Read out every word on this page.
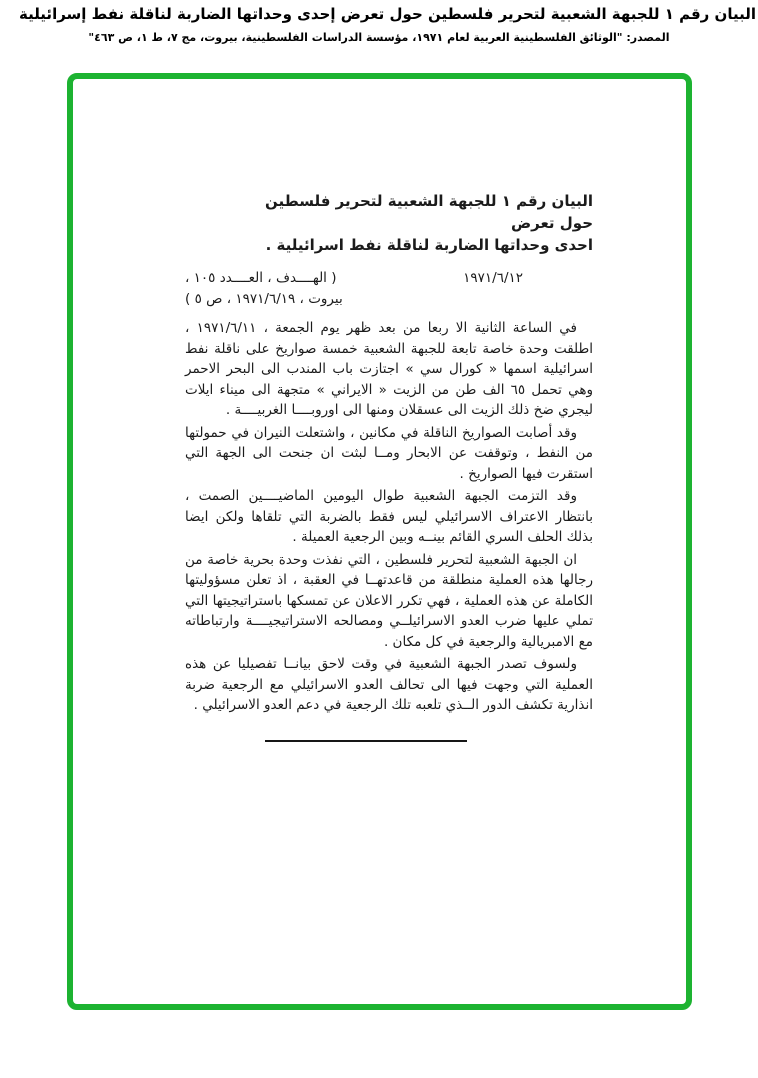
البيان رقم ١ للجبهة الشعبية لتحرير فلسطين حول تعرض إحدى وحداتها الضاربة لناقلة نفط إسرائيلية
المصدر: "الوثائق الفلسطينية العربية لعام ١٩٧١، مؤسسة الدراسات الفلسطينية، بيروت، مج ٧، ط ١، ص ٤٦٣"
البيان رقم ١ للجبهة الشعبية لتحرير فلسطين حول تعرض
احدى وحداتها الضاربة لناقلة نفط اسرائيلية .
١٩٧١/٦/١٢
( الهــــدف ، العــــدد ١٠٥ ،
بيروت ، ١٩٧١/٦/١٩ ، ص ٥ )

في الساعة الثانية الا ربعا من بعد ظهر يوم الجمعة ، ١٩٧١/٦/١١ ، اطلقت وحدة خاصة تابعة للجبهة الشعبية خمسة صواريخ على ناقلة نفط اسرائيلية اسمها « كورال سي » اجتازت باب المندب الى البحر الاحمر وهي تحمل ٦٥ الف طن من الزيت « الايراني » متجهة الى ميناء ايلات ليجري ضخ ذلك الزيت الى عسقلان ومنها الى اوروبــــا الغربيــــة .

وقد أصابت الصواريخ الناقلة في مكانين ، واشتعلت النيران في حمولتها من النفط ، وتوقفت عن الابحار ومــا لبثت ان جنحت الى الجهة التي استقرت فيها الصواريخ .

وقد التزمت الجبهة الشعبية طوال اليومين الماضيــــين الصمت ، بانتظار الاعتراف الاسرائيلي ليس فقط بالضربة التي تلقاها ولكن ايضا بذلك الحلف السري القائم بينــه وبين الرجعية العميلة .

ان الجبهة الشعبية لتحرير فلسطين ، التي نفذت وحدة بحرية خاصة من رجالها هذه العملية منطلقة من قاعدتهــا في العقبة ، اذ تعلن مسؤوليتها الكاملة عن هذه العملية ، فهي تكرر الاعلان عن تمسكها باستراتيجيتها التي تملي عليها ضرب العدو الاسرائيلــي ومصالحه الاستراتيجيــــة وارتباطاته مع الامبريالية والرجعية في كل مكان .

ولسوف تصدر الجبهة الشعبية في وقت لاحق بيانــا تفصيليا عن هذه العملية التي وجهت فيها الى تحالف العدو الاسرائيلي مع الرجعية ضربة انذارية تكشف الدور الــذي تلعبه تلك الرجعية في دعم العدو الاسرائيلي .
